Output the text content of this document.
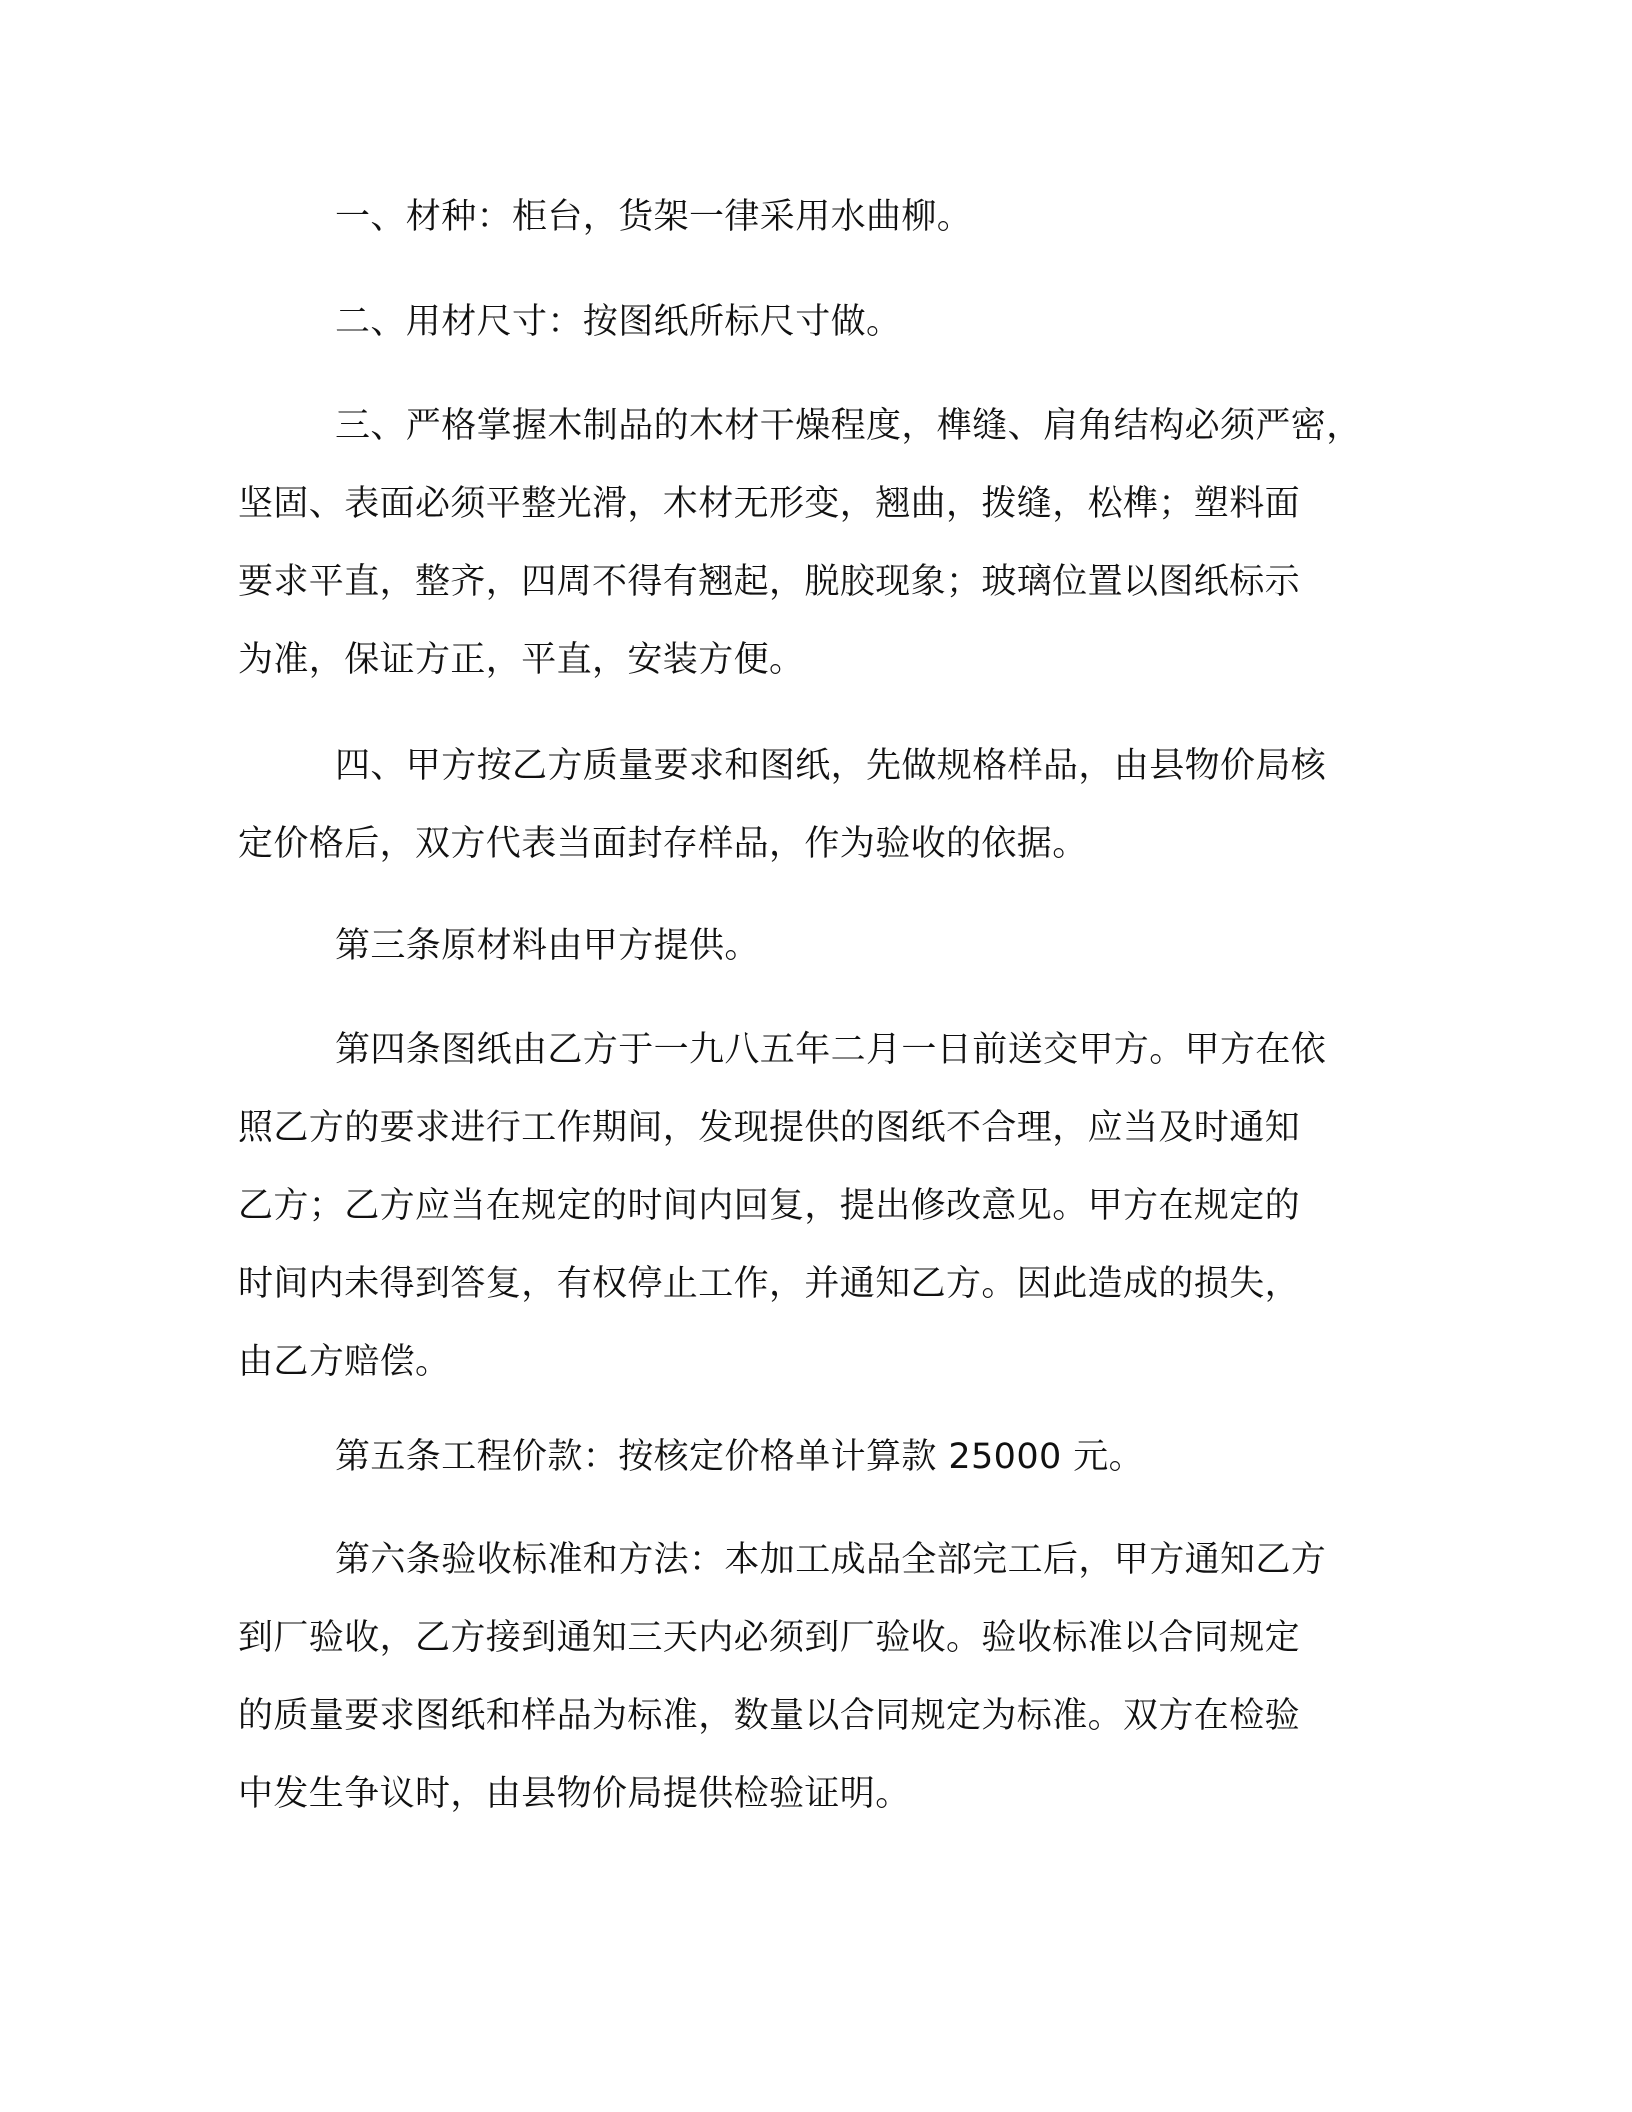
一、材种：柜台，货架一律采用水曲柳。

二、用材尺寸：按图纸所标尺寸做。

三、严格掌握木制品的木材干燥程度，榫缝、肩角结构必须严密，
坚固、表面必须平整光滑，木材无形变，翘曲，拨缝，松榫；塑料面
要求平直，整齐，四周不得有翘起，脱胶现象；玻璃位置以图纸标示
为准，保证方正，平直，安装方便。

四、甲方按乙方质量要求和图纸，先做规格样品，由县物价局核
定价格后，双方代表当面封存样品，作为验收的依据。

第三条原材料由甲方提供。

第四条图纸由乙方于一九八五年二月一日前送交甲方。甲方在依
照乙方的要求进行工作期间，发现提供的图纸不合理，应当及时通知
乙方；乙方应当在规定的时间内回复，提出修改意见。甲方在规定的
时间内未得到答复，有权停止工作，并通知乙方。因此造成的损失，
由乙方赔偿。

第五条工程价款：按核定价格单计算款 25000 元。

第六条验收标准和方法：本加工成品全部完工后，甲方通知乙方
到厂验收，乙方接到通知三天内必须到厂验收。验收标准以合同规定
的质量要求图纸和样品为标准，数量以合同规定为标准。双方在检验
中发生争议时，由县物价局提供检验证明。
